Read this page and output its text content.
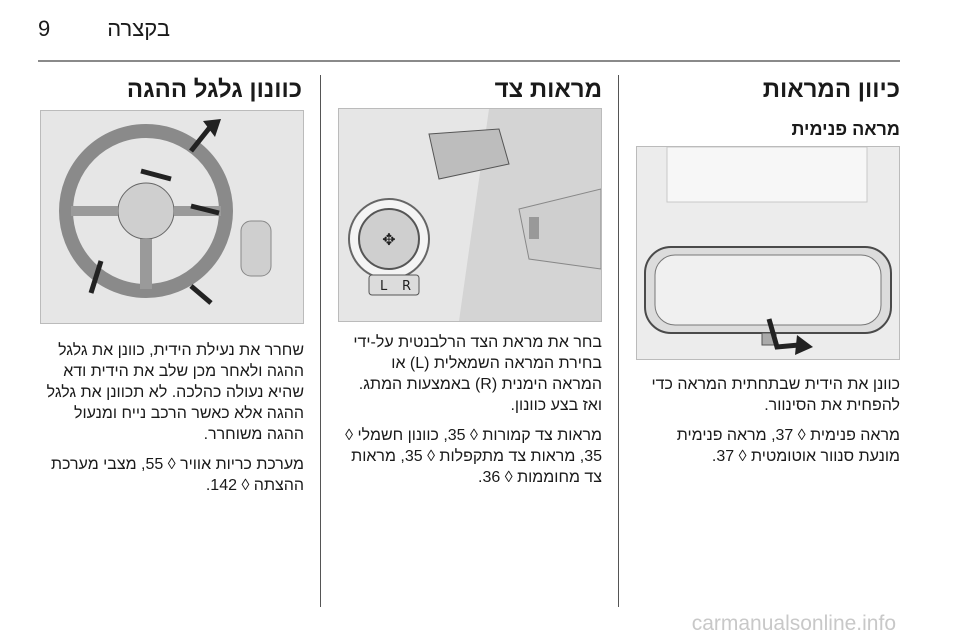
9	בקצרה
כיוון המראות
מראה פנימית

כוונן את הידית שבתחתית המראה כדי להפחית את הסינוור.

מראה פנימית ◊ 37, מראה פנימית מונעת סנוור אוטומטית ◊ 37.

מראות צד
✥
L R

בחר את מראת הצד הרלבנטית על-ידי בחירת המראה השמאלית (L) או המראה הימנית (R) באמצעות המתג. ואז בצע כוונון.

מראות צד קמורות ◊ 35, כוונון חשמלי ◊ 35, מראות צד מתקפלות ◊ 35, מראות צד מחוממות ◊ 36.

כוונון גלגל ההגה

שחרר את נעילת הידית, כוונן את גלגל ההגה ולאחר מכן שלב את הידית ודא שהיא נעולה כהלכה. לא תכוונן את גלגל ההגה אלא כאשר הרכב נייח ומנעול ההגה משוחרר.

מערכת כריות אוויר ◊ 55, מצבי מערכת ההצתה ◊ 142.

carmanualsonline.info
